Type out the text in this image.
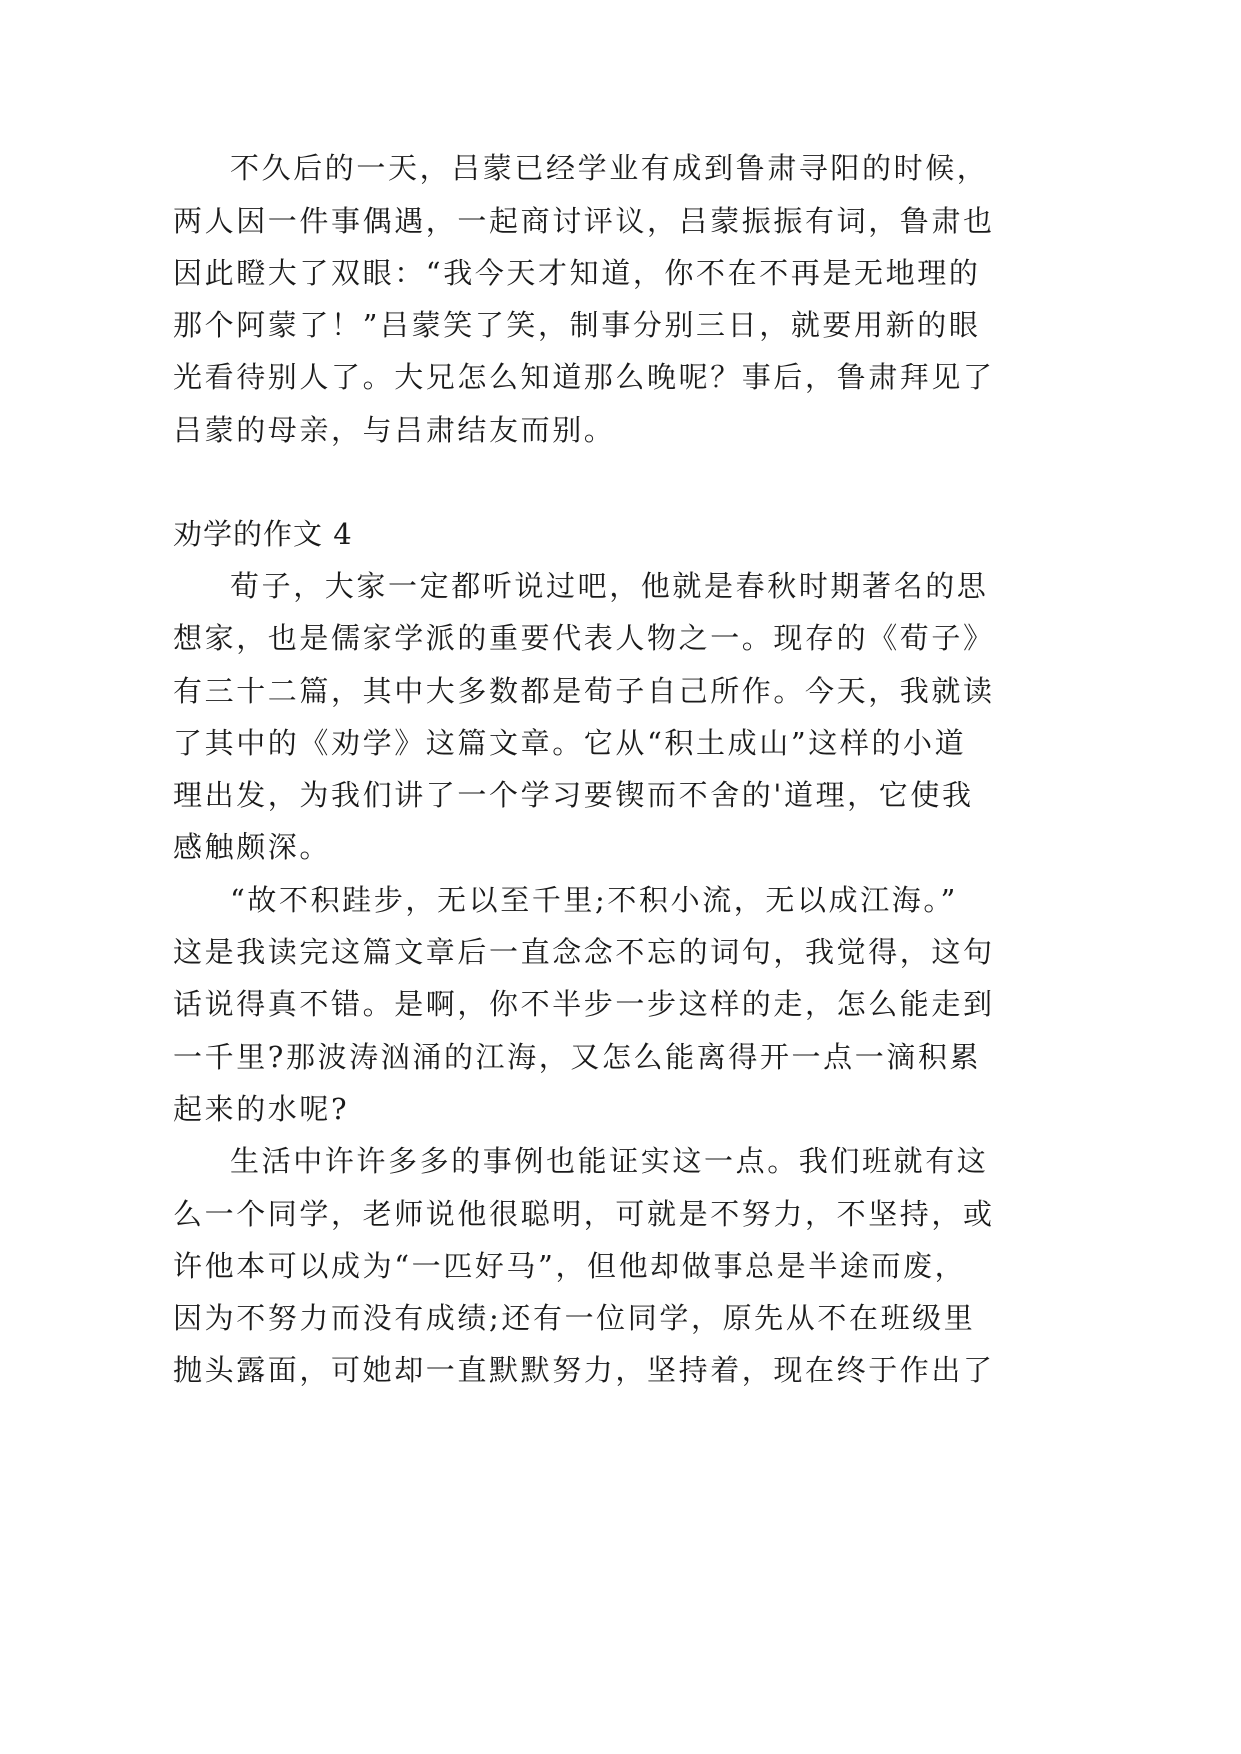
不久后的一天，吕蒙已经学业有成到鲁肃寻阳的时候，
两人因一件事偶遇，一起商讨评议，吕蒙振振有词，鲁肃也
因此瞪大了双眼：“我今天才知道，你不在不再是无地理的
那个阿蒙了！”吕蒙笑了笑，制事分别三日，就要用新的眼
光看待别人了。大兄怎么知道那么晚呢？事后，鲁肃拜见了
吕蒙的母亲，与吕肃结友而别。
劝学的作文 4
荀子，大家一定都听说过吧，他就是春秋时期著名的思
想家，也是儒家学派的重要代表人物之一。现存的《荀子》
有三十二篇，其中大多数都是荀子自己所作。今天，我就读
了其中的《劝学》这篇文章。它从“积土成山”这样的小道
理出发，为我们讲了一个学习要锲而不舍的'道理，它使我
感触颇深。
“故不积跬步，无以至千里;不积小流，无以成江海。”
这是我读完这篇文章后一直念念不忘的词句，我觉得，这句
话说得真不错。是啊，你不半步一步这样的走，怎么能走到
一千里?那波涛汹涌的江海，又怎么能离得开一点一滴积累
起来的水呢?
生活中许许多多的事例也能证实这一点。我们班就有这
么一个同学，老师说他很聪明，可就是不努力，不坚持，或
许他本可以成为“一匹好马”，但他却做事总是半途而废，
因为不努力而没有成绩;还有一位同学，原先从不在班级里
抛头露面，可她却一直默默努力，坚持着，现在终于作出了
